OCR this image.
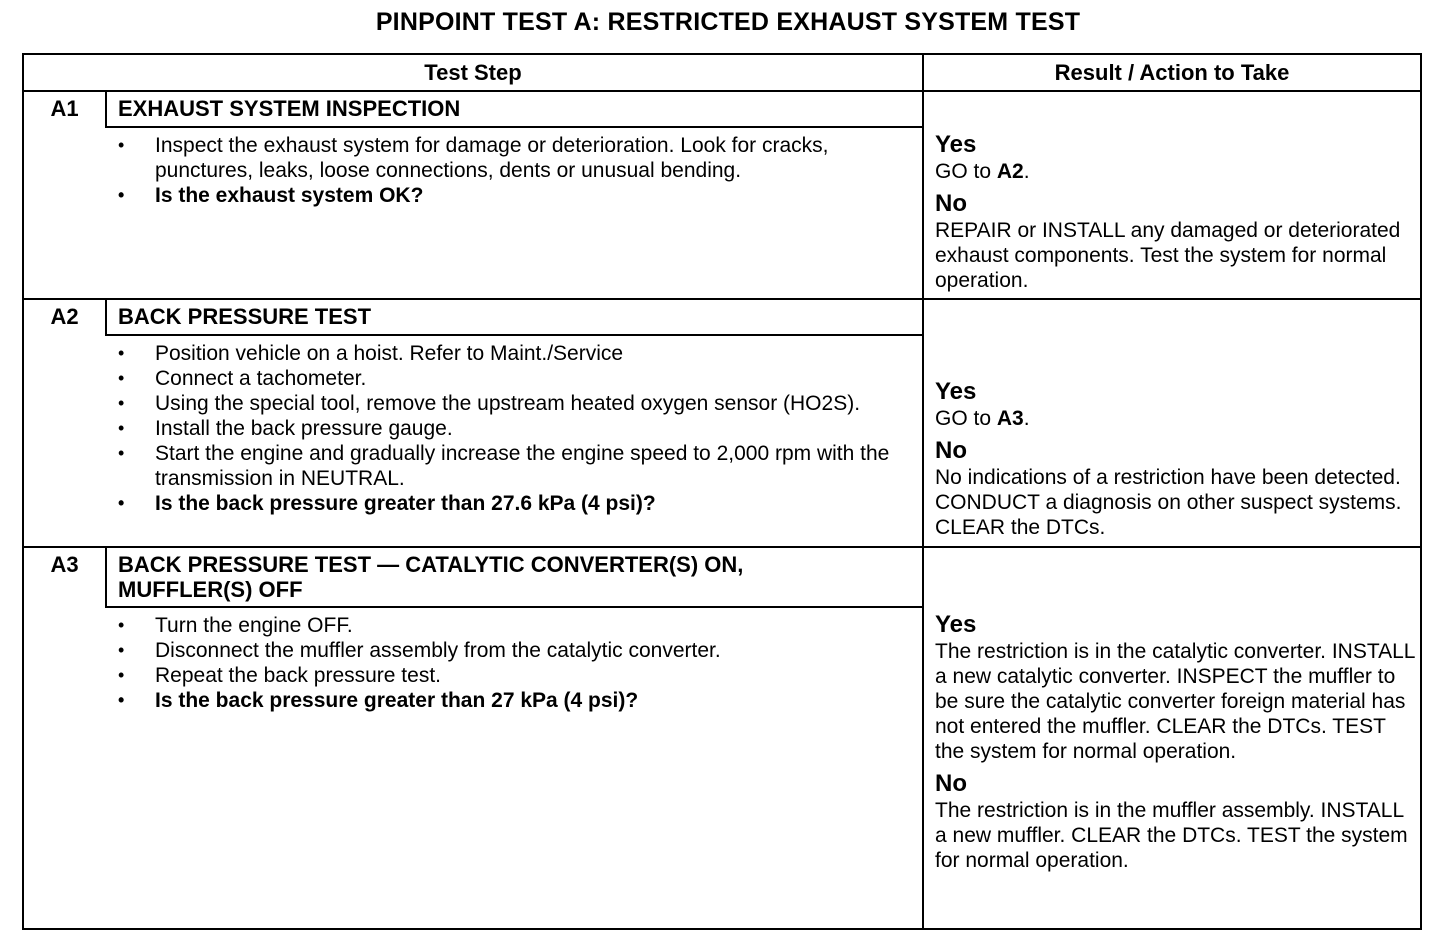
PINPOINT TEST A: RESTRICTED EXHAUST SYSTEM TEST
Test Step	Result / Action to Take
A1	EXHAUST SYSTEM INSPECTION
• Inspect the exhaust system for damage or deterioration. Look for cracks, punctures, leaks, loose connections, dents or unusual bending.
• Is the exhaust system OK?
Yes
GO to A2.
No
REPAIR or INSTALL any damaged or deteriorated exhaust components. Test the system for normal operation.
A2	BACK PRESSURE TEST
• Position vehicle on a hoist. Refer to Maint./Service
• Connect a tachometer.
• Using the special tool, remove the upstream heated oxygen sensor (HO2S).
• Install the back pressure gauge.
• Start the engine and gradually increase the engine speed to 2,000 rpm with the transmission in NEUTRAL.
• Is the back pressure greater than 27.6 kPa (4 psi)?
Yes
GO to A3.
No
No indications of a restriction have been detected. CONDUCT a diagnosis on other suspect systems. CLEAR the DTCs.
A3	BACK PRESSURE TEST — CATALYTIC CONVERTER(S) ON, MUFFLER(S) OFF
• Turn the engine OFF.
• Disconnect the muffler assembly from the catalytic converter.
• Repeat the back pressure test.
• Is the back pressure greater than 27 kPa (4 psi)?
Yes
The restriction is in the catalytic converter. INSTALL a new catalytic converter. INSPECT the muffler to be sure the catalytic converter foreign material has not entered the muffler. CLEAR the DTCs. TEST the system for normal operation.
No
The restriction is in the muffler assembly. INSTALL a new muffler. CLEAR the DTCs. TEST the system for normal operation.
